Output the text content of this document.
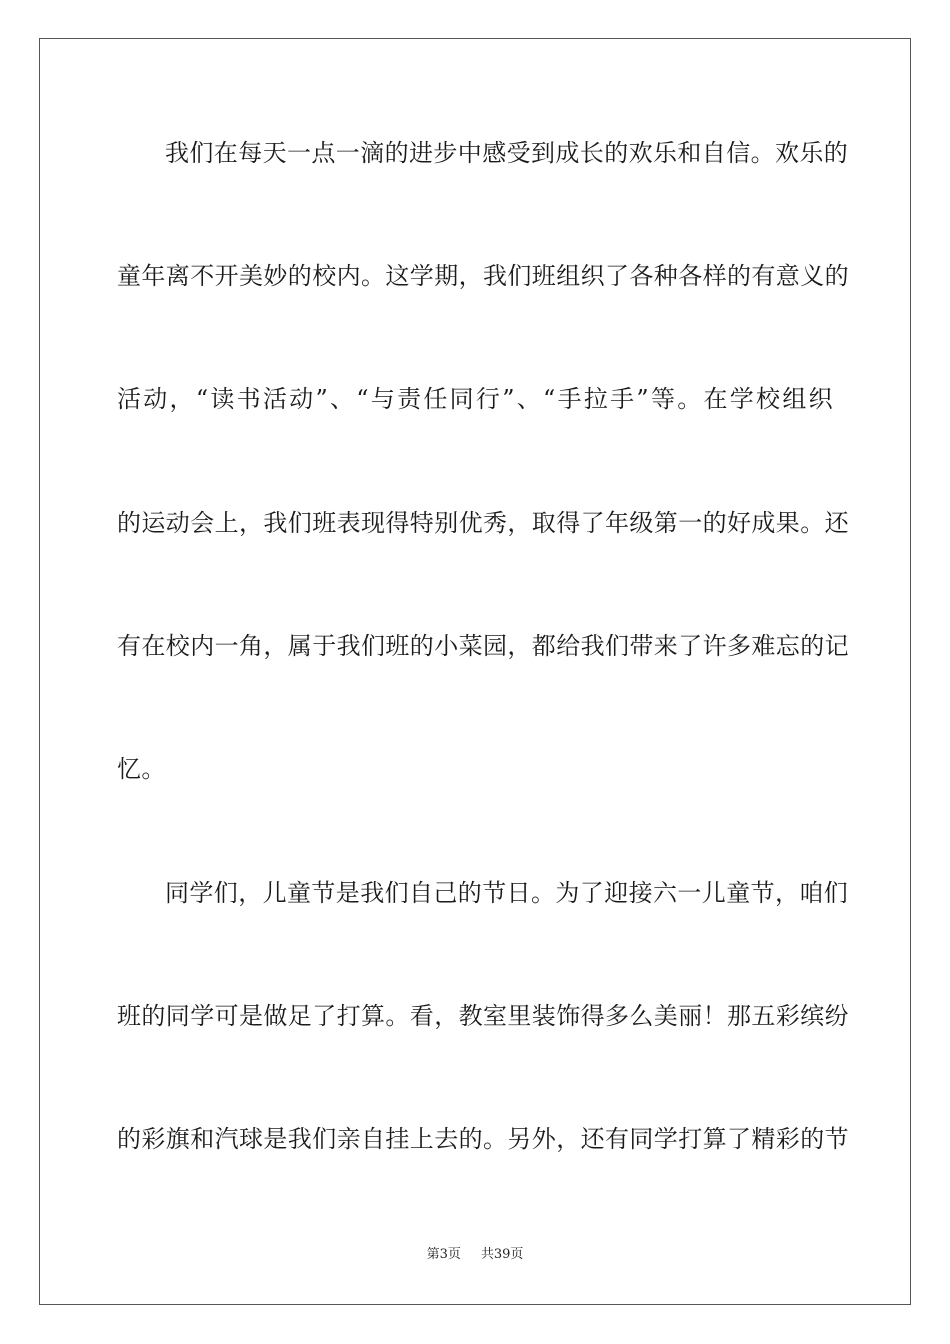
我们在每天一点一滴的进步中感受到成长的欢乐和自信。欢乐的
童年离不开美妙的校内。这学期，我们班组织了各种各样的有意义的
活动，“读书活动”、“与责任同行”、“手拉手”等。在学校组织
的运动会上，我们班表现得特别优秀，取得了年级第一的好成果。还
有在校内一角，属于我们班的小菜园，都给我们带来了许多难忘的记
忆。
同学们，儿童节是我们自己的节日。为了迎接六一儿童节，咱们
班的同学可是做足了打算。看，教室里装饰得多么美丽！那五彩缤纷
的彩旗和汽球是我们亲自挂上去的。另外，还有同学打算了精彩的节
第3页 共39页
